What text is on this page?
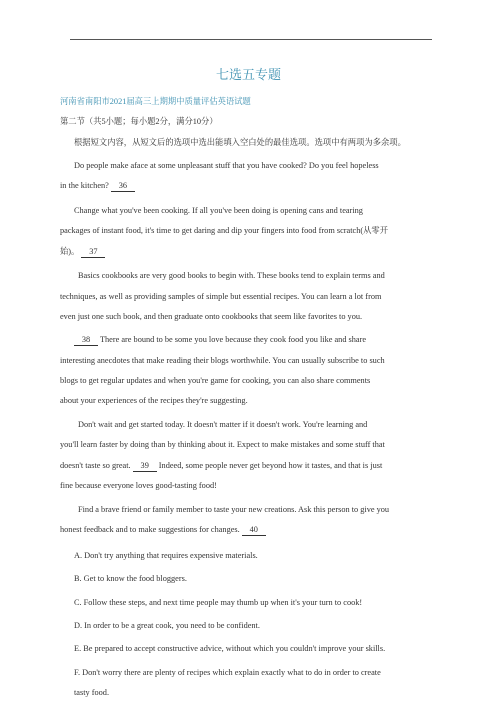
七选五专题
河南省南阳市2021届高三上期期中质量评估英语试题
第二节（共5小题；每小题2分，满分10分）
根据短文内容，从短文后的选项中选出能填入空白处的最佳选项。选项中有两项为多余项。
Do people make aface at some unpleasant stuff that you have cooked? Do you feel hopeless
in the kitchen? 36
Change what you've been cooking. If all you've been doing is opening cans and tearing
packages of instant food, it's time to get daring and dip your fingers into food from scratch(从零开
始)。 37
Basics cookbooks are very good books to begin with. These books tend to explain terms and
techniques, as well as providing samples of simple but essential recipes. You can learn a lot from
even just one such book, and then graduate onto cookbooks that seem like favorites to you.
38 There are bound to be some you love because they cook food you like and share
interesting anecdotes that make reading their blogs worthwhile. You can usually subscribe to such
blogs to get regular updates and when you're game for cooking, you can also share comments
about your experiences of the recipes they're suggesting.
Don't wait and get started today. It doesn't matter if it doesn't work. You're learning and
you'll learn faster by doing than by thinking about it. Expect to make mistakes and some stuff that
doesn't taste so great. 39 Indeed, some people never get beyond how it tastes, and that is just
fine because everyone loves good-tasting food!
Find a brave friend or family member to taste your new creations. Ask this person to give you
honest feedback and to make suggestions for changes. 40
A. Don't try anything that requires expensive materials.
B. Get to know the food bloggers.
C. Follow these steps, and next time people may thumb up when it's your turn to cook!
D. In order to be a great cook, you need to be confident.
E. Be prepared to accept constructive advice, without which you couldn't improve your skills.
F. Don't worry there are plenty of recipes which explain exactly what to do in order to create
tasty food.
